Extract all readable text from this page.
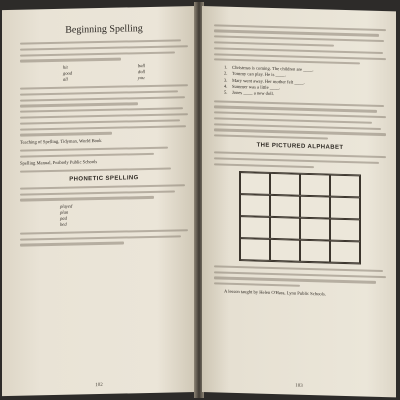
Beginning Spelling
hit
good
all
ball
doll
you
Teaching of Spelling, Tidyman, World Book
Spelling Manual, Peabody Public Schools
PHONETIC SPELLING
played
plan
pad
bed
102
1. Christmas is coming. The children are ____.
2. Tommy can play. He is ____.
3. Mary went away. Her mother felt ____.
4. Summer was a little ____.
5. Jones ____ a new doll.
THE PICTURED ALPHABET
A lesson taught by Helen O'Hara, Lynn Public Schools.
103
